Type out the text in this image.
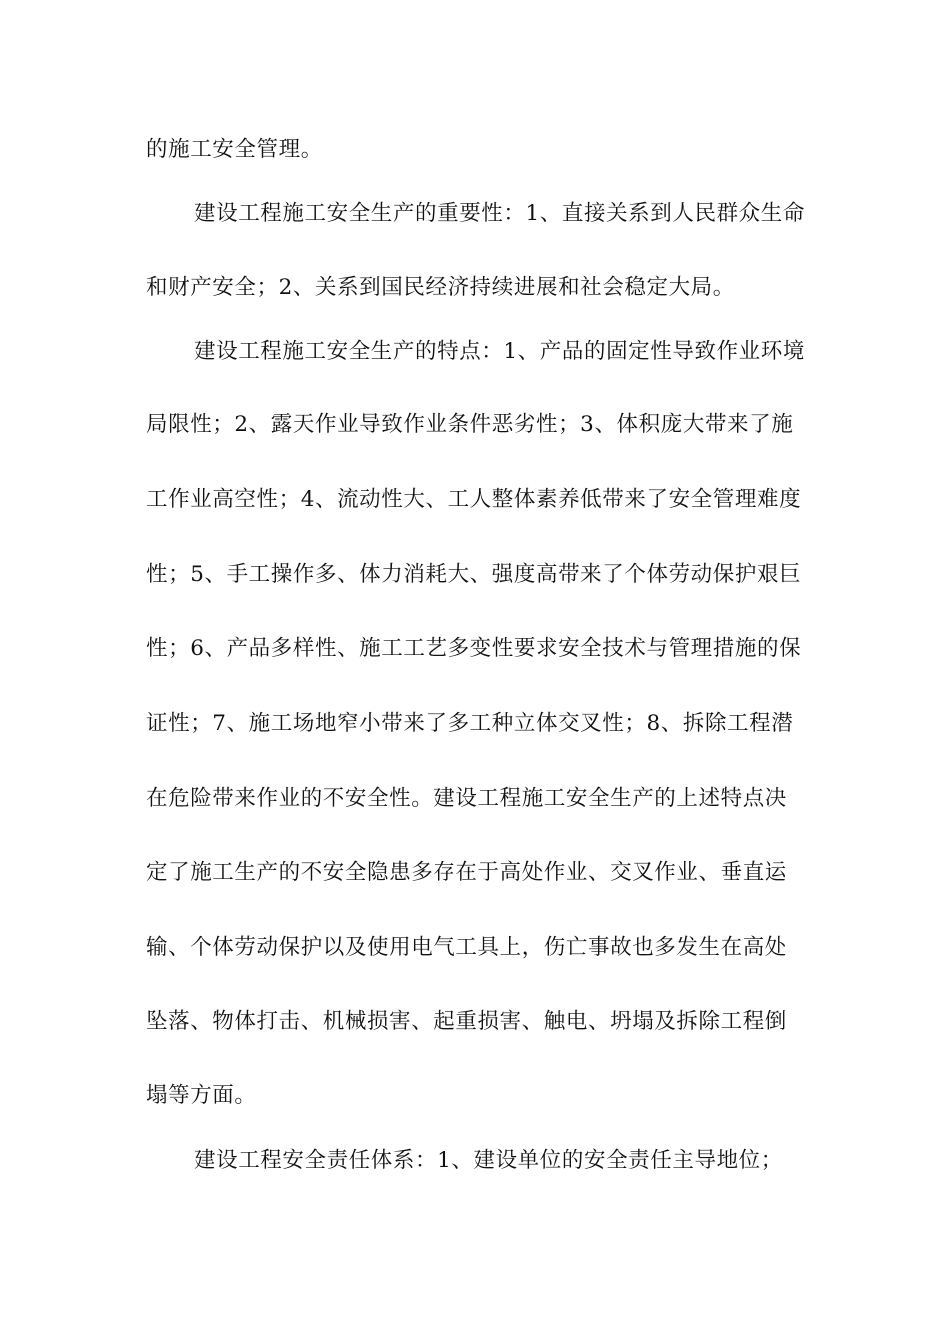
的施工安全管理。
建设工程施工安全生产的重要性：1、直接关系到人民群众生命
和财产安全；2、关系到国民经济持续进展和社会稳定大局。
建设工程施工安全生产的特点：1、产品的固定性导致作业环境
局限性；2、露天作业导致作业条件恶劣性；3、体积庞大带来了施
工作业高空性；4、流动性大、工人整体素养低带来了安全管理难度
性；5、手工操作多、体力消耗大、强度高带来了个体劳动保护艰巨
性；6、产品多样性、施工工艺多变性要求安全技术与管理措施的保
证性；7、施工场地窄小带来了多工种立体交叉性；8、拆除工程潜
在危险带来作业的不安全性。建设工程施工安全生产的上述特点决
定了施工生产的不安全隐患多存在于高处作业、交叉作业、垂直运
输、个体劳动保护以及使用电气工具上，伤亡事故也多发生在高处
坠落、物体打击、机械损害、起重损害、触电、坍塌及拆除工程倒
塌等方面。
建设工程安全责任体系：1、建设单位的安全责任主导地位；
